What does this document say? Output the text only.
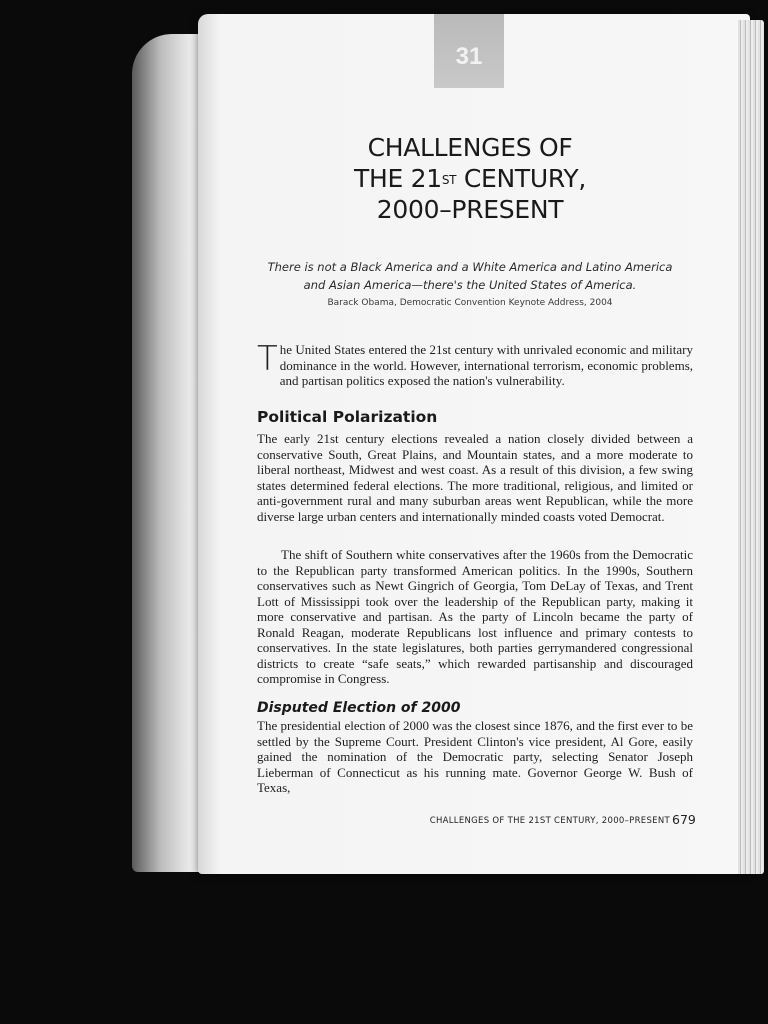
31
CHALLENGES OF
THE 21ST CENTURY,
2000–PRESENT
There is not a Black America and a White America and Latino America and Asian America—there's the United States of America.
Barack Obama, Democratic Convention Keynote Address, 2004

The United States entered the 21st century with unrivaled economic and military dominance in the world. However, international terrorism, economic problems, and partisan politics exposed the nation's vulnerability.

Political Polarization

The early 21st century elections revealed a nation closely divided between a conservative South, Great Plains, and Mountain states, and a more moderate to liberal northeast, Midwest and west coast. As a result of this division, a few swing states determined federal elections. The more traditional, religious, and limited or anti-government rural and many suburban areas went Republican, while the more diverse large urban centers and internationally minded coasts voted Democrat.

The shift of Southern white conservatives after the 1960s from the Democratic to the Republican party transformed American politics. In the 1990s, Southern conservatives such as Newt Gingrich of Georgia, Tom DeLay of Texas, and Trent Lott of Mississippi took over the leadership of the Republican party, making it more conservative and partisan. As the party of Lincoln became the party of Ronald Reagan, moderate Republicans lost influence and primary contests to conservatives. In the state legislatures, both parties gerrymandered congressional districts to create “safe seats,” which rewarded partisanship and discouraged compromise in Congress.

Disputed Election of 2000

The presidential election of 2000 was the closest since 1876, and the first ever to be settled by the Supreme Court. President Clinton's vice president, Al Gore, easily gained the nomination of the Democratic party, selecting Senator Joseph Lieberman of Connecticut as his running mate. Governor George W. Bush of Texas,

CHALLENGES OF THE 21ST CENTURY, 2000–PRESENT 679
